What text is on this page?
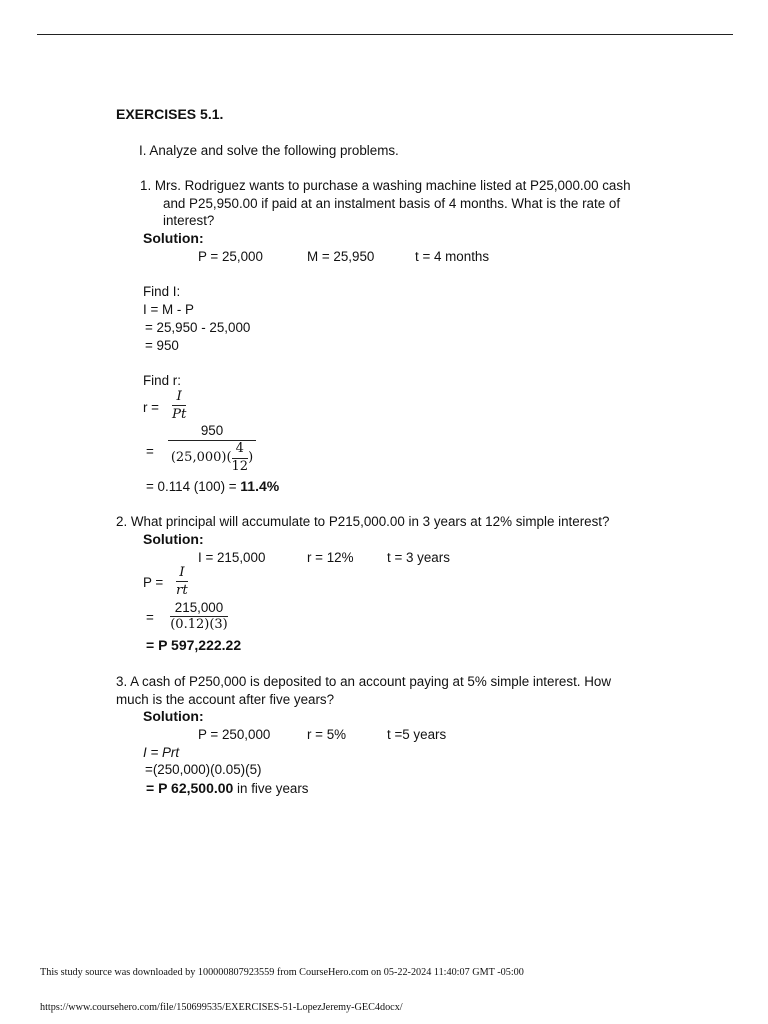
EXERCISES 5.1.
I. Analyze and solve the following problems.
1. Mrs. Rodriguez wants to purchase a washing machine listed at P25,000.00 cash
and P25,950.00 if paid at an instalment basis of 4 months. What is the rate of
interest?
Solution:
P = 25,000	M = 25,950	t = 4 months
Find I:
I = M - P
= 25,950 - 25,000
= 950
Find r:
r =
I
Pt
=
950
$(25,000)( \frac{4}{12}$ )
= 0.114 (100) = 11.4%
2. What principal will accumulate to P215,000.00 in 3 years at 12% simple interest?
Solution:
I = 215,000	r = 12% t = 3 years
P =
I
rt
=
215,000
(0.12)(3)
= P 597,222.22
3. A cash of P250,000 is deposited to an account paying at 5% simple interest. How
much is the account after five years?
Solution:
P = 250,000	r = 5%	t =5 years
I = Prt
=(250,000)(0.05)(5)
= P 62,500.00 in five years
This study source was downloaded by 100000807923559 from CourseHero.com on 05-22-2024 11:40:07 GMT -05:00
https://www.coursehero.com/file/150699535/EXERCISES-51-LopezJeremy-GEC4docx/
